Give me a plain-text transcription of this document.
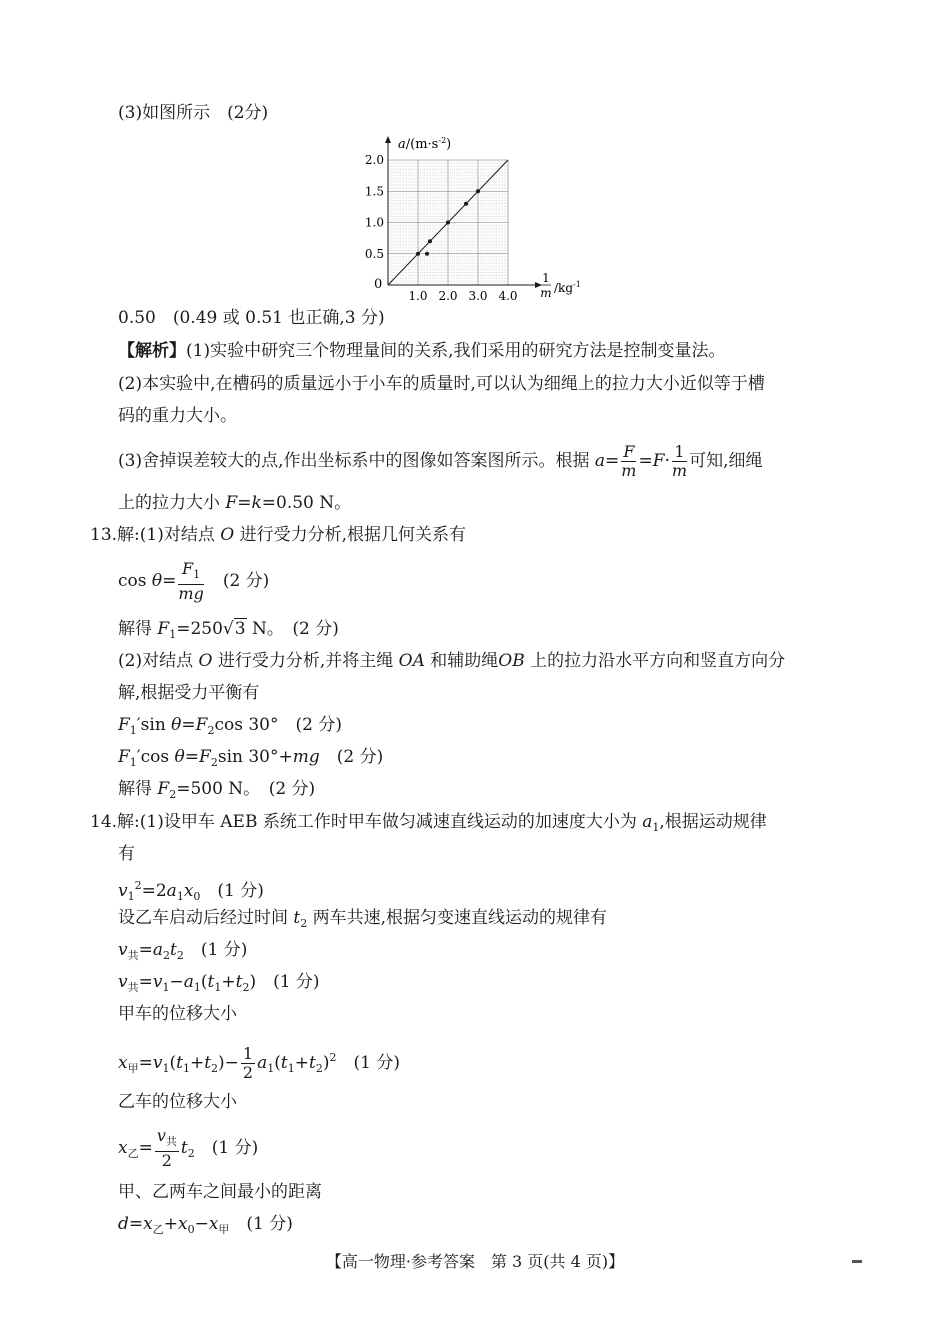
(3)如图所示　(2分)
1.0 2.0 3.0 4.0
0.5
1.0
1.5
2.0
$a/(m\cdot s^{-2})$
1
m $/kg^{-1}$
0
0.50　 (0.49 或 0.51 也正确,3 分)
【解析】(1)实验中研究三个物理量间的关系,我们采用的研究方法是控制变量法。
(2)本实验中,在槽码的质量远小于小车的质量时,可以认为细绳上的拉力大小近似等于槽
码的重力大小。
(3)舍掉误差较大的点,作出坐标系中的图像如答案图所示。根据 $a= \frac{F}{m} =F\cdot \frac{1}{m}$ 可知,细绳
上的拉力大小 F=k=0.50 N。
13.解:(1)对结点 O 进行受力分析,根据几何关系有
$\cos \theta= \frac{F_1}{mg}$
　 (2 分)
解得 $F_1=250√3$ N。　 (2 分)
(2)对结点 O 进行受力分析,并将主绳 OA 和辅助绳OB 上的拉力沿水平方向和竖直方向分
解,根据受力平衡有
$F_1'\sin$ $\theta=F_2\cos$ 30°　(2 分)
$F_1'\cos$ $\theta=F_2\sin$ 30°+mg　 (2 分)
解得 $F_2=500$ N。　 (2 分)
14.解:(1)设甲车 AEB 系统工作时甲车做匀减速直线运动的加速度大小为 $a_1$,根据运动规律
有
$v_1^2=2a_1x_0$　 (1 分)
设乙车启动后经过时间 $t_2$ 两车共速,根据匀变速直线运动的规律有
$v_共=a_2t_2$　 (1 分)
$v_共=v_1-a_1(t_1+t_2)$　(1 分)
甲车的位移大小
$x_甲=v_1(t_1+t_2)- \frac{1}{2} a_1(t_1+t_2)^2$　 (1 分)
乙车的位移大小
$x_乙= \frac{v_共}{2} t_2$　 (1 分)
甲、乙两车之间最小的距离
$d=x_乙+x_0-x_甲$　 (1 分)
【高一物理·参考答案　第 3 页(共 4 页)】
